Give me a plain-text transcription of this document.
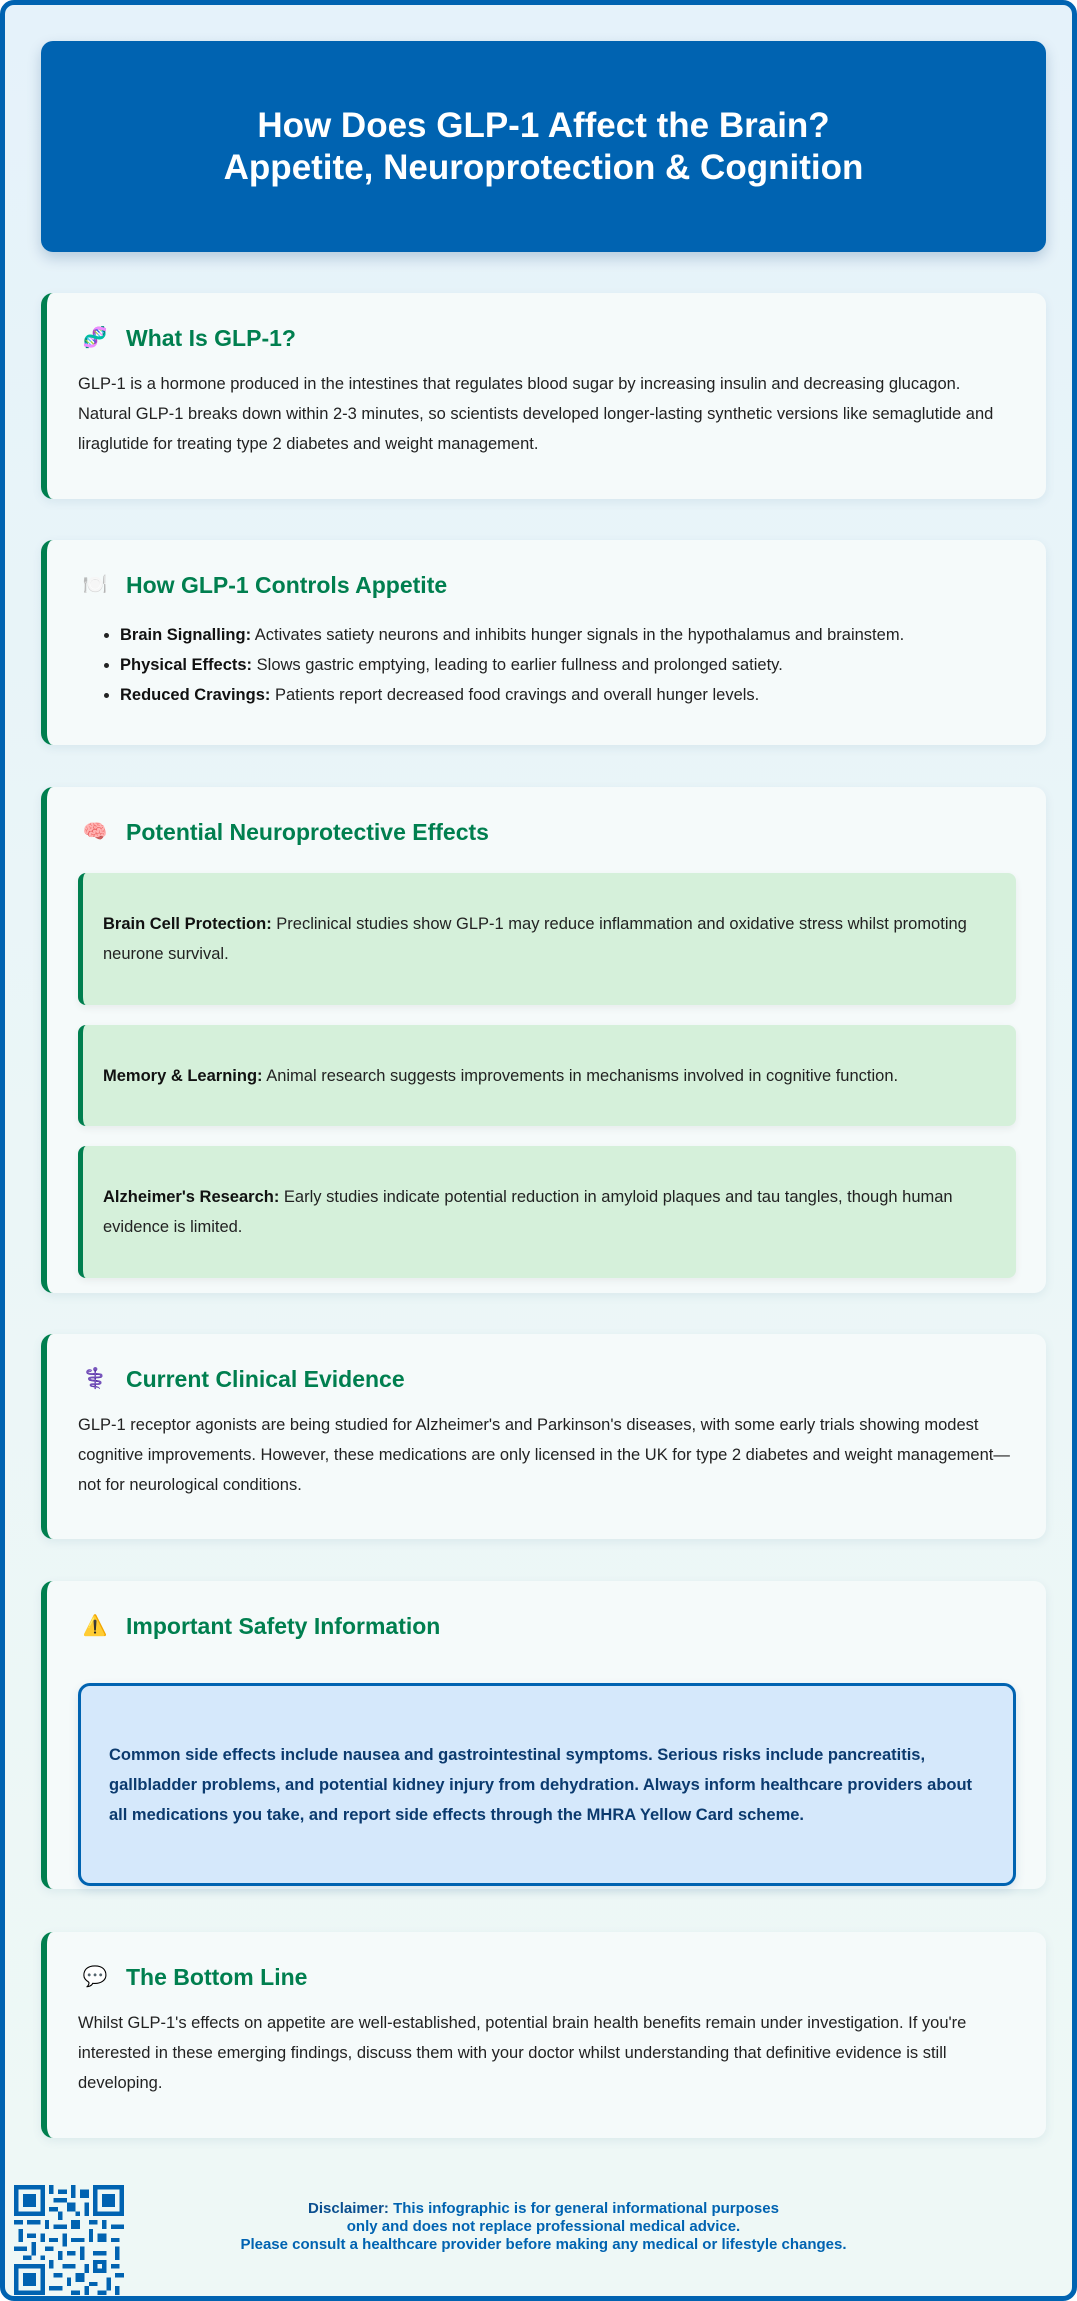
How Does GLP-1 Affect the Brain? Appetite, Neuroprotection & Cognition
🧬 What Is GLP-1?

GLP-1 is a hormone produced in the intestines that regulates blood sugar by increasing insulin and decreasing glucagon. Natural GLP-1 breaks down within 2-3 minutes, so scientists developed longer-lasting synthetic versions like semaglutide and liraglutide for treating type 2 diabetes and weight management.

🍽️ How GLP-1 Controls Appetite
• Brain Signalling: Activates satiety neurons and inhibits hunger signals in the hypothalamus and brainstem.
• Physical Effects: Slows gastric emptying, leading to earlier fullness and prolonged satiety.
• Reduced Cravings: Patients report decreased food cravings and overall hunger levels.
🧠 Potential Neuroprotective Effects
Brain Cell Protection: Preclinical studies show GLP-1 may reduce inflammation and oxidative stress whilst promoting neurone survival.
Memory & Learning: Animal research suggests improvements in mechanisms involved in cognitive function.
Alzheimer's Research: Early studies indicate potential reduction in amyloid plaques and tau tangles, though human evidence is limited.
⚕️ Current Clinical Evidence

GLP-1 receptor agonists are being studied for Alzheimer's and Parkinson's diseases, with some early trials showing modest cognitive improvements. However, these medications are only licensed in the UK for type 2 diabetes and weight management—not for neurological conditions.

⚠️ Important Safety Information
Common side effects include nausea and gastrointestinal symptoms. Serious risks include pancreatitis, gallbladder problems, and potential kidney injury from dehydration. Always inform healthcare providers about all medications you take, and report side effects through the MHRA Yellow Card scheme.
💬 The Bottom Line

Whilst GLP-1's effects on appetite are well-established, potential brain health benefits remain under investigation. If you're interested in these emerging findings, discuss them with your doctor whilst understanding that definitive evidence is still developing.

Disclaimer: This infographic is for general informational purposes
only and does not replace professional medical advice.
Please consult a healthcare provider before making any medical or lifestyle changes.
